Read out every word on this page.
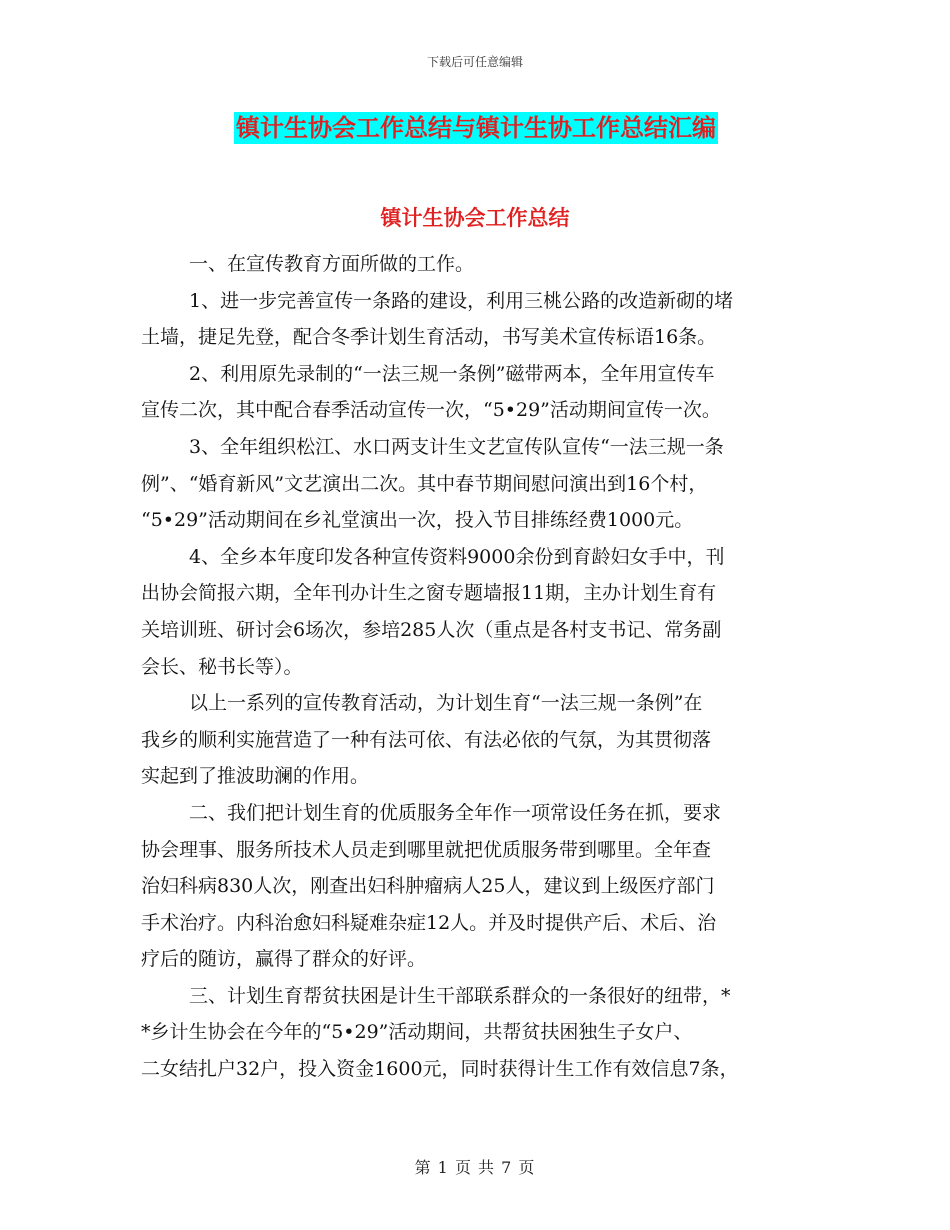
下载后可任意编辑
镇计生协会工作总结与镇计生协工作总结汇编
镇计生协会工作总结
一、在宣传教育方面所做的工作。
1、进一步完善宣传一条路的建设，利用三桃公路的改造新砌的堵
土墙，捷足先登，配合冬季计划生育活动，书写美术宣传标语16条。
2、利用原先录制的“一法三规一条例”磁带两本，全年用宣传车
宣传二次，其中配合春季活动宣传一次，“5•29”活动期间宣传一次。
3、全年组织松江、水口两支计生文艺宣传队宣传“一法三规一条
例”、“婚育新风”文艺演出二次。其中春节期间慰问演出到16个村，
“5•29”活动期间在乡礼堂演出一次，投入节目排练经费1000元。
4、全乡本年度印发各种宣传资料9000余份到育龄妇女手中，刊
出协会简报六期，全年刊办计生之窗专题墙报11期，主办计划生育有
关培训班、研讨会6场次，参培285人次（重点是各村支书记、常务副
会长、秘书长等）。
以上一系列的宣传教育活动，为计划生育“一法三规一条例”在
我乡的顺利实施营造了一种有法可依、有法必依的气氛，为其贯彻落
实起到了推波助澜的作用。
二、我们把计划生育的优质服务全年作一项常设任务在抓，要求
协会理事、服务所技术人员走到哪里就把优质服务带到哪里。全年查
治妇科病830人次，刚查出妇科肿瘤病人25人，建议到上级医疗部门
手术治疗。内科治愈妇科疑难杂症12人。并及时提供产后、术后、治
疗后的随访，赢得了群众的好评。
三、计划生育帮贫扶困是计生干部联系群众的一条很好的纽带，*
*乡计生协会在今年的“5•29”活动期间，共帮贫扶困独生子女户、
二女结扎户32户，投入资金1600元，同时获得计生工作有效信息7条，
第 1 页 共 7 页
